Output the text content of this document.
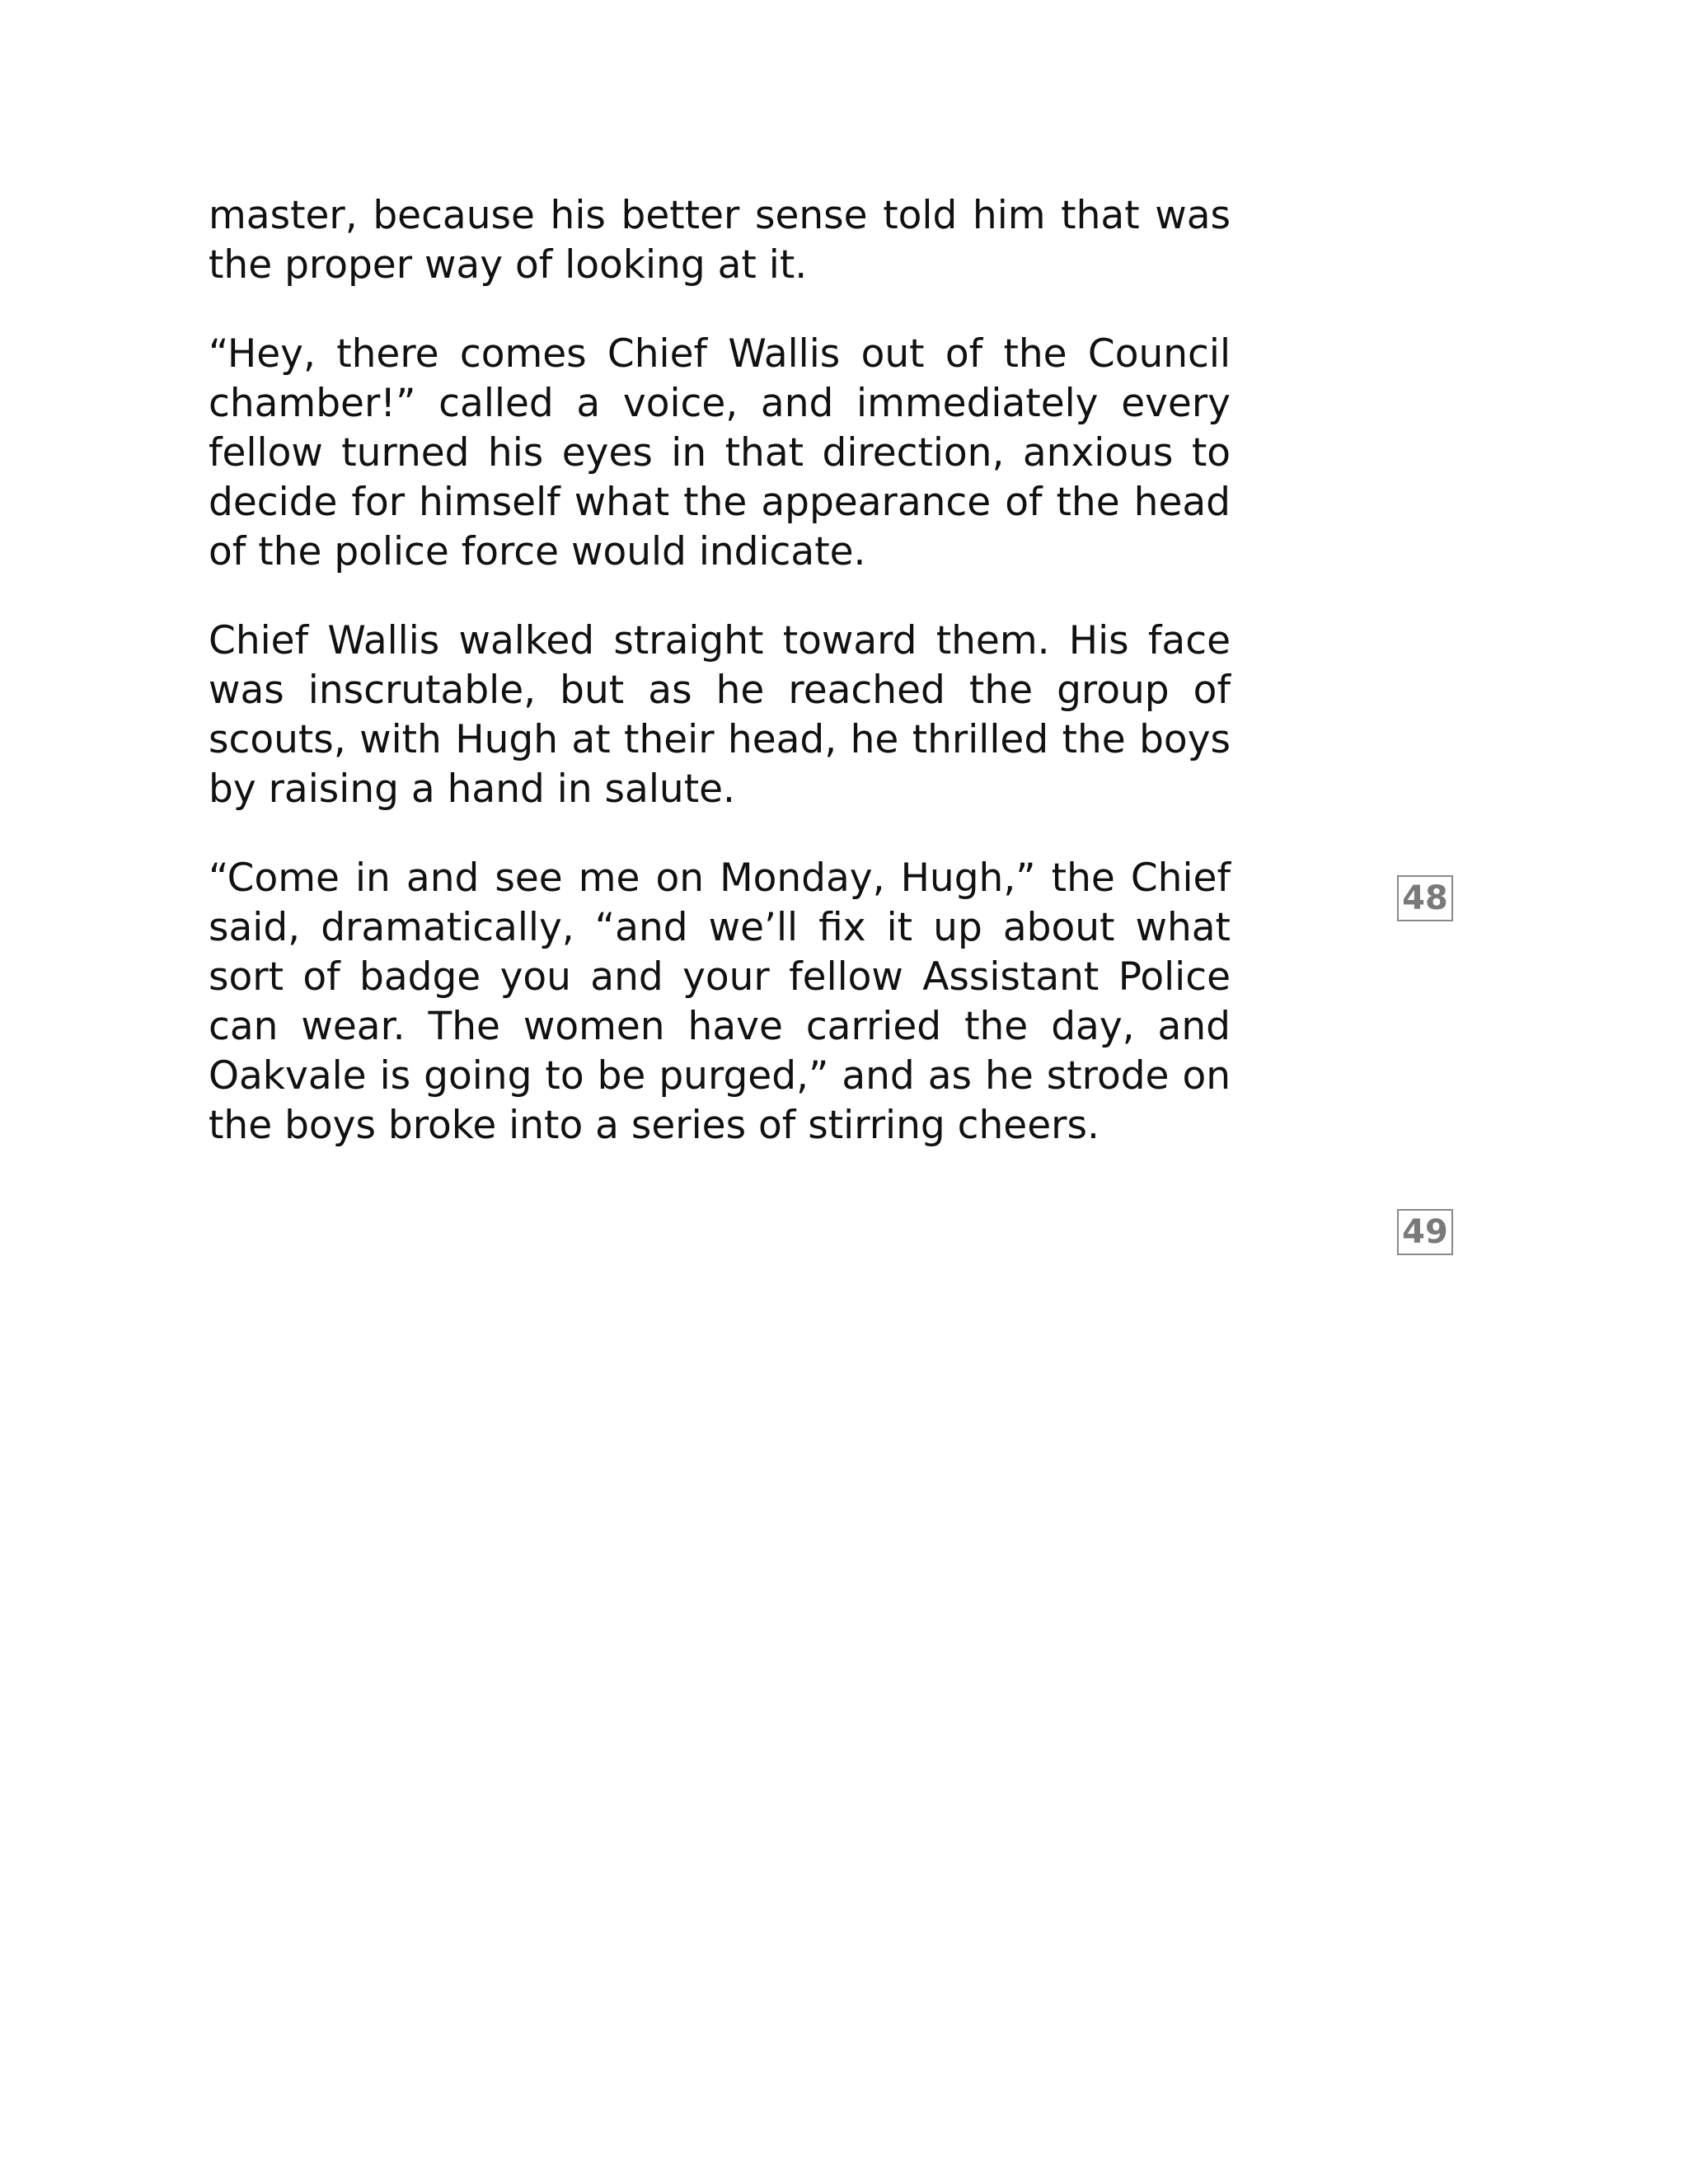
master, because his better sense told him that was the proper way of looking at it.

“Hey, there comes Chief Wallis out of the Council chamber!” called a voice, and immediately every fellow turned his eyes in that direction, anxious to decide for himself what the appearance of the head of the police force would indicate.

Chief Wallis walked straight toward them. His face was inscrutable, but as he reached the group of scouts, with Hugh at their head, he thrilled the boys by raising a hand in salute.

“Come in and see me on Monday, Hugh,” the Chief said, dramatically, “and we’ll fix it up about what sort of badge you and your fellow Assistant Police can wear. The women have carried the day, and Oakvale is going to be purged,” and as he strode on the boys broke into a series of stirring cheers.

48
49
